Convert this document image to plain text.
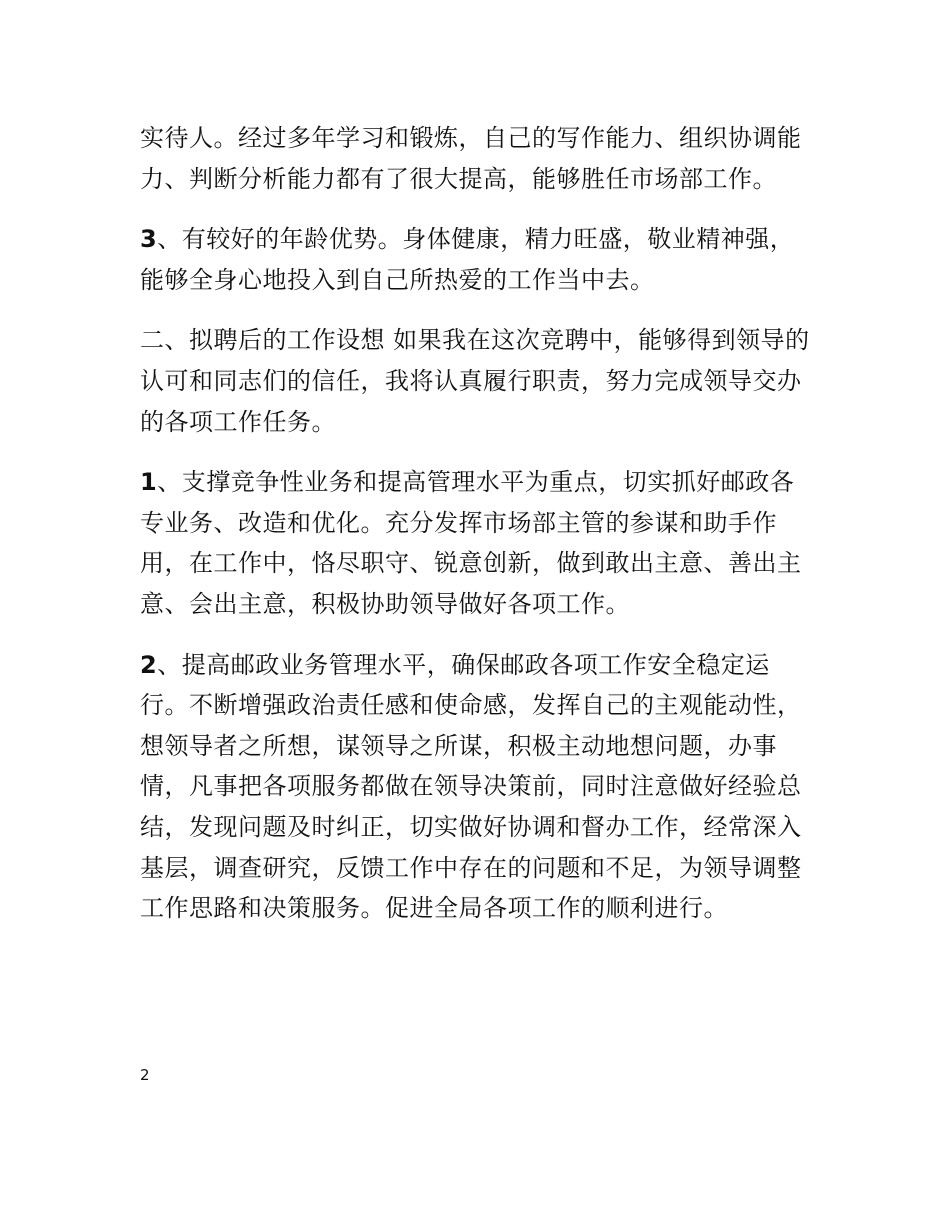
实待人。经过多年学习和锻炼，自己的写作能力、组织协调能力、判断分析能力都有了很大提高，能够胜任市场部工作。

3、有较好的年龄优势。身体健康，精力旺盛，敬业精神强，能够全身心地投入到自己所热爱的工作当中去。

二、拟聘后的工作设想 如果我在这次竞聘中，能够得到领导的认可和同志们的信任，我将认真履行职责，努力完成领导交办的各项工作任务。

1、支撑竞争性业务和提高管理水平为重点，切实抓好邮政各专业务、改造和优化。充分发挥市场部主管的参谋和助手作用，在工作中，恪尽职守、锐意创新，做到敢出主意、善出主意、会出主意，积极协助领导做好各项工作。

2、提高邮政业务管理水平，确保邮政各项工作安全稳定运行。不断增强政治责任感和使命感，发挥自己的主观能动性，想领导者之所想，谋领导之所谋，积极主动地想问题，办事情，凡事把各项服务都做在领导决策前，同时注意做好经验总结，发现问题及时纠正，切实做好协调和督办工作，经常深入基层，调查研究，反馈工作中存在的问题和不足，为领导调整工作思路和决策服务。促进全局各项工作的顺利进行。

2
